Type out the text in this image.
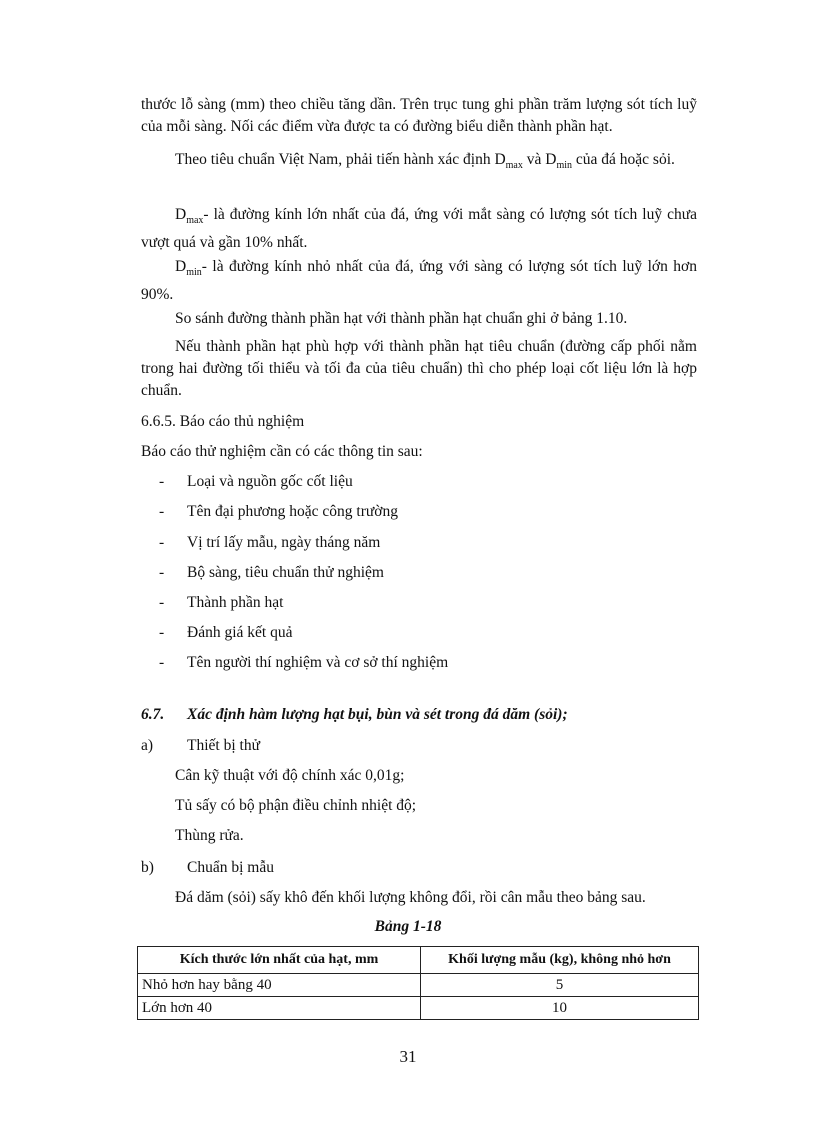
thước lỗ sàng (mm) theo chiều tăng dần. Trên trục tung ghi phần trăm lượng sót tích luỹ của mỗi sàng. Nối các điểm vừa được ta có đường biểu diễn thành phần hạt.

Theo tiêu chuẩn Việt Nam, phải tiến hành xác định $D_{max}$ và $D_{min}$ của đá hoặc sỏi.

$D_{max}-$ là đường kính lớn nhất của đá, ứng với mắt sàng có lượng sót tích luỹ chưa vượt quá và gần 10% nhất.

$D_{min}-$ là đường kính nhỏ nhất của đá, ứng với sàng có lượng sót tích luỹ lớn hơn 90%.

So sánh đường thành phần hạt với thành phần hạt chuẩn ghi ở bảng 1.10.

Nếu thành phần hạt phù hợp với thành phần hạt tiêu chuẩn (đường cấp phối nằm trong hai đường tối thiểu và tối đa của tiêu chuẩn) thì cho phép loại cốt liệu lớn là hợp chuẩn.

6.6.5. Báo cáo thủ nghiệm

Báo cáo thử nghiệm cần có các thông tin sau:

- Loại và nguồn gốc cốt liệu

- Tên đại phương hoặc công trường

- Vị trí lấy mẫu, ngày tháng năm

- Bộ sàng, tiêu chuẩn thử nghiệm

- Thành phần hạt

- Đánh giá kết quả

- Tên người thí nghiệm và cơ sở thí nghiệm

6.7. Xác định hàm lượng hạt bụi, bùn và sét trong đá dăm (sỏi);

a) Thiết bị thử

Cân kỹ thuật với độ chính xác 0,01g;

Tủ sấy có bộ phận điều chỉnh nhiệt độ;

Thùng rửa.

b) Chuẩn bị mẫu

Đá dăm (sỏi) sấy khô đến khối lượng không đổi, rồi cân mẫu theo bảng sau.

Bảng 1-18

Kích thước lớn nhất của hạt, mm	Khối lượng mẫu (kg), không nhỏ hơn
Nhỏ hơn hay bằng 40	5
Lớn hơn 40	10

31
